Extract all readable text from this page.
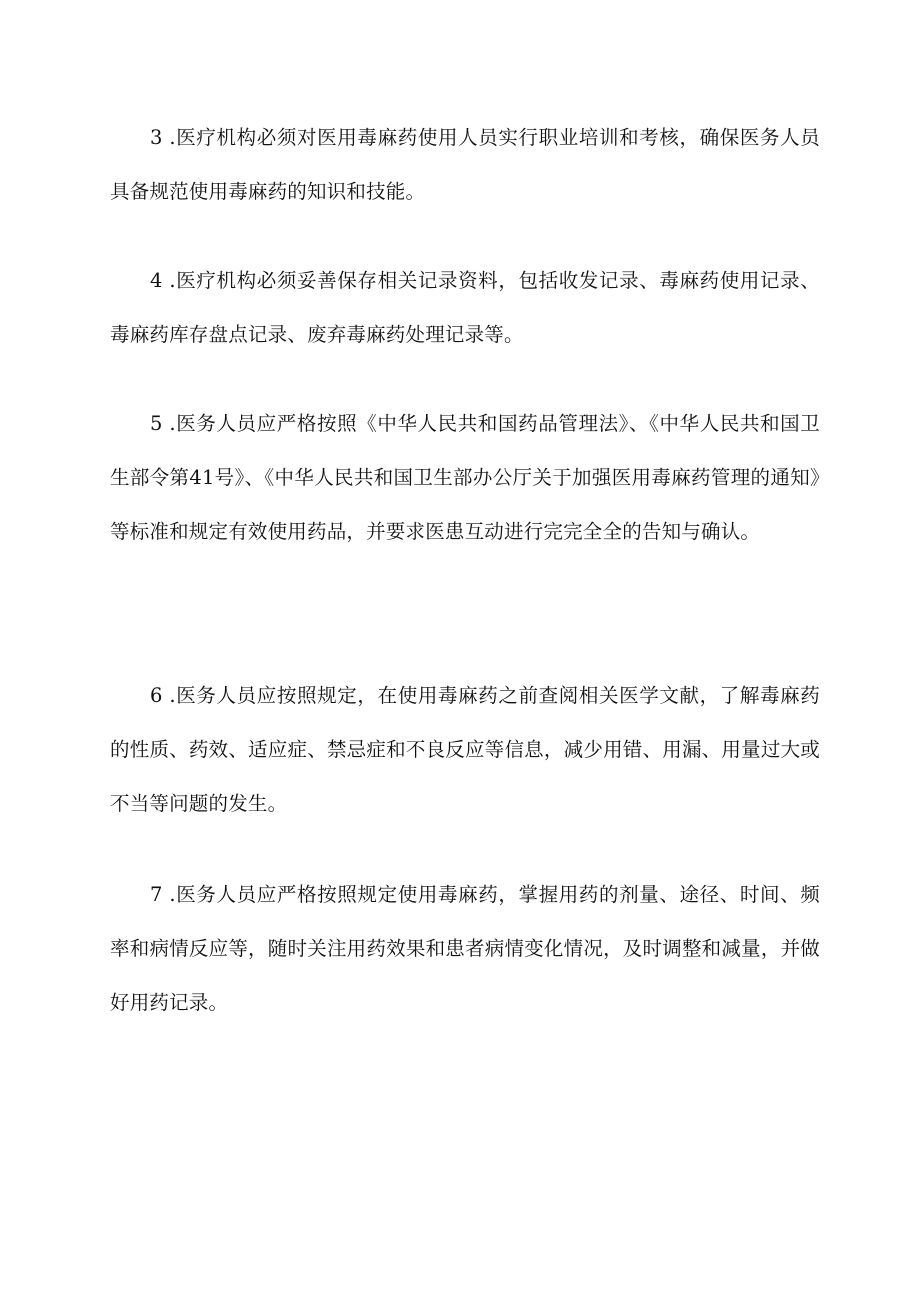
3 .医疗机构必须对医用毒麻药使用人员实行职业培训和考核，确保医务人员具备规范使用毒麻药的知识和技能。

4 .医疗机构必须妥善保存相关记录资料，包括收发记录、毒麻药使用记录、毒麻药库存盘点记录、废弃毒麻药处理记录等。

5 .医务人员应严格按照《中华人民共和国药品管理法》、《中华人民共和国卫生部令第41号》、《中华人民共和国卫生部办公厅关于加强医用毒麻药管理的通知》等标准和规定有效使用药品，并要求医患互动进行完完全全的告知与确认。

6 .医务人员应按照规定，在使用毒麻药之前查阅相关医学文献，了解毒麻药的性质、药效、适应症、禁忌症和不良反应等信息，减少用错、用漏、用量过大或不当等问题的发生。

7 .医务人员应严格按照规定使用毒麻药，掌握用药的剂量、途径、时间、频率和病情反应等，随时关注用药效果和患者病情变化情况，及时调整和减量，并做好用药记录。
